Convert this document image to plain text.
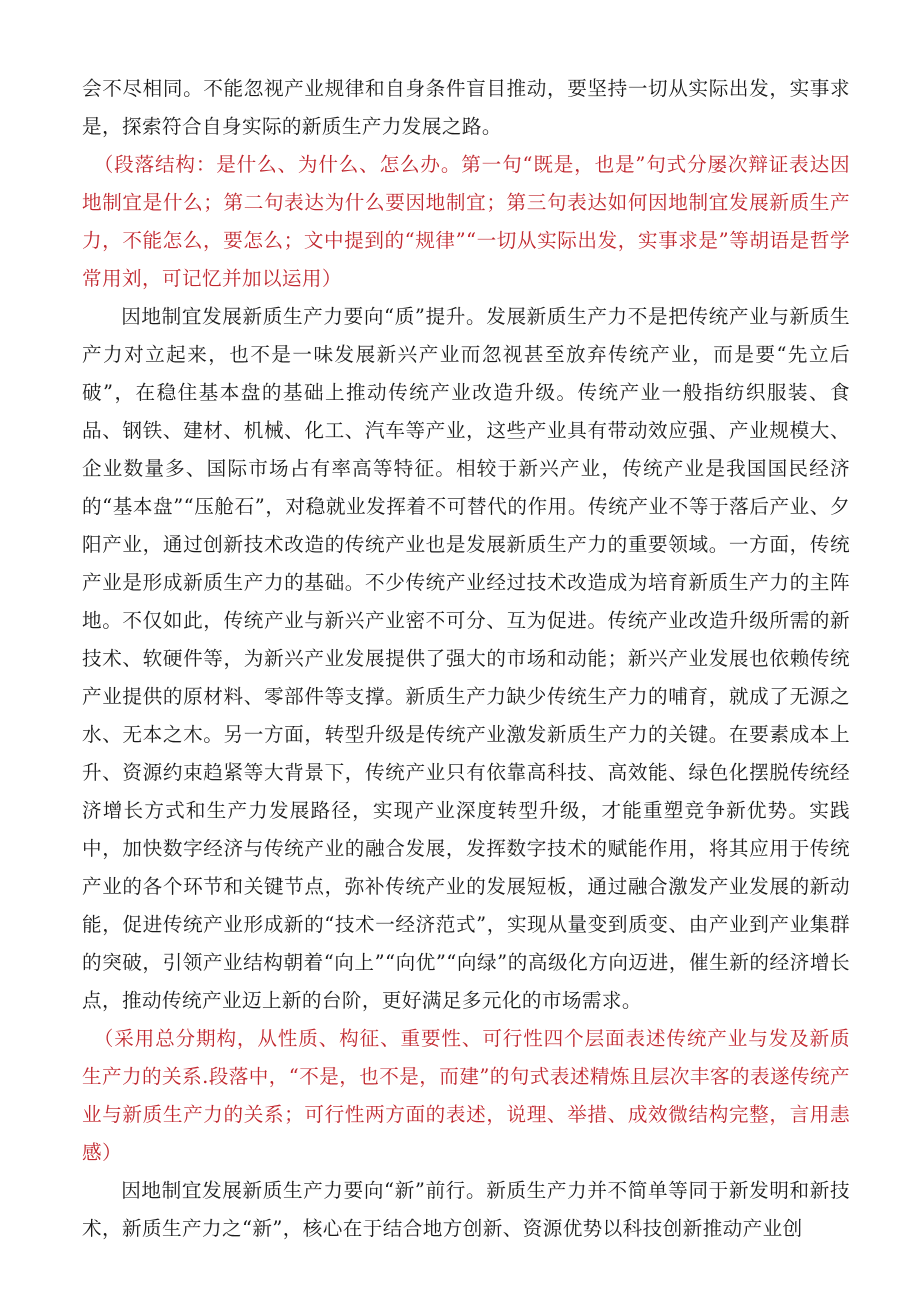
会不尽相同。不能忽视产业规律和自身条件盲目推动，要坚持一切从实际出发，实事求是，探索符合自身实际的新质生产力发展之路。

（段落结构：是什么、为什么、怎么办。第一句“既是，也是”句式分屡次辩证表达因地制宜是什么；第二句表达为什么要因地制宜；第三句表达如何因地制宜发展新质生产力，不能怎么，要怎么；文中提到的“规律”“一切从实际出发，实事求是”等胡语是哲学常用刘，可记忆并加以运用）

因地制宜发展新质生产力要向“质”提升。发展新质生产力不是把传统产业与新质生产力对立起来，也不是一味发展新兴产业而忽视甚至放弃传统产业，而是要“先立后破”，在稳住基本盘的基础上推动传统产业改造升级。传统产业一般指纺织服装、食品、钢铁、建材、机械、化工、汽车等产业，这些产业具有带动效应强、产业规模大、企业数量多、国际市场占有率高等特征。相较于新兴产业，传统产业是我国国民经济的“基本盘”“压舱石”，对稳就业发挥着不可替代的作用。传统产业不等于落后产业、夕阳产业，通过创新技术改造的传统产业也是发展新质生产力的重要领域。一方面，传统产业是形成新质生产力的基础。不少传统产业经过技术改造成为培育新质生产力的主阵地。不仅如此，传统产业与新兴产业密不可分、互为促进。传统产业改造升级所需的新技术、软硬件等，为新兴产业发展提供了强大的市场和动能；新兴产业发展也依赖传统产业提供的原材料、零部件等支撑。新质生产力缺少传统生产力的哺育，就成了无源之水、无本之木。另一方面，转型升级是传统产业激发新质生产力的关键。在要素成本上升、资源约束趋紧等大背景下，传统产业只有依靠高科技、高效能、绿色化摆脱传统经济增长方式和生产力发展路径，实现产业深度转型升级，才能重塑竞争新优势。实践中，加快数字经济与传统产业的融合发展，发挥数字技术的赋能作用，将其应用于传统产业的各个环节和关键节点，弥补传统产业的发展短板，通过融合激发产业发展的新动能，促进传统产业形成新的“技术一经济范式”，实现从量变到质变、由产业到产业集群的突破，引领产业结构朝着“向上”“向优”“向绿”的高级化方向迈进，催生新的经济增长点，推动传统产业迈上新的台阶，更好满足多元化的市场需求。

（采用总分期构，从性质、构征、重要性、可行性四个层面表述传统产业与发及新质生产力的关系.段落中，“不是，也不是，而建”的句式表述精炼且层次丰客的表遂传统产业与新质生产力的关系；可行性两方面的表述，说理、举措、成效微结构完整，言用恚感）

因地制宜发展新质生产力要向“新”前行。新质生产力并不简单等同于新发明和新技术，新质生产力之“新”，核心在于结合地方创新、资源优势以科技创新推动产业创
